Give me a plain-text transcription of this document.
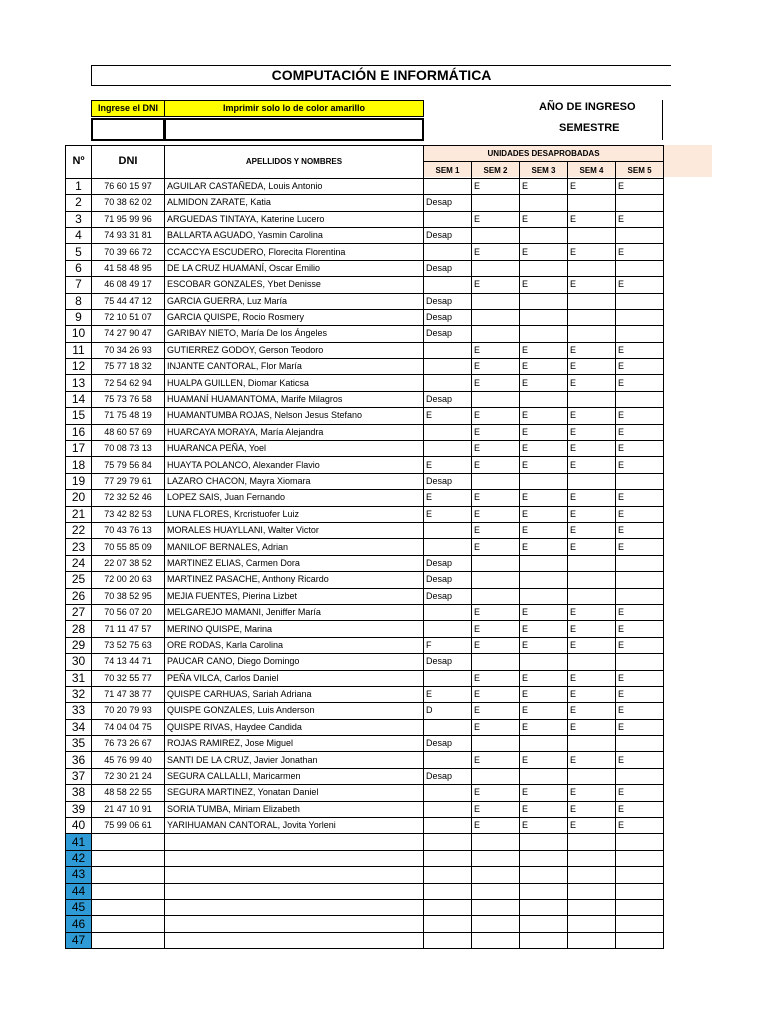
COMPUTACIÓN E INFORMÁTICA
Ingrese el DNI	Imprimir solo lo de color amarillo	AÑO DE INGRESO
SEMESTRE
Nº	DNI	APELLIDOS Y NOMBRES	UNIDADES DESAPROBADAS				
			SEM 1	SEM 2	SEM 3	SEM 4	SEM 5
1	76 60 15 97	AGUILAR CASTAÑEDA, Louis Antonio		E	E	E	E
2	70 38 62 02	ALMIDON ZARATE, Katia	Desap				
3	71 95 99 96	ARGUEDAS TINTAYA, Katerine Lucero		E	E	E	E
4	74 93 31 81	BALLARTA AGUADO, Yasmin Carolina	Desap				
5	70 39 66 72	CCACCYA ESCUDERO, Florecita Florentina		E	E	E	E
6	41 58 48 95	DE LA CRUZ HUAMANÍ, Oscar Emilio	Desap				
7	46 08 49 17	ESCOBAR GONZALES, Ybet Denisse		E	E	E	E
8	75 44 47 12	GARCIA GUERRA, Luz María	Desap				
9	72 10 51 07	GARCIA QUISPE, Rocio Rosmery	Desap				
10	74 27 90 47	GARIBAY NIETO, María De los Ángeles	Desap				
11	70 34 26 93	GUTIERREZ GODOY, Gerson Teodoro		E	E	E	E
12	75 77 18 32	INJANTE CANTORAL, Flor María		E	E	E	E
13	72 54 62 94	HUALPA GUILLEN, Diomar Katicsa		E	E	E	E
14	75 73 76 58	HUAMANÍ HUAMANTOMA, Marife Milagros	Desap				
15	71 75 48 19	HUAMANTUMBA ROJAS, Nelson Jesus Stefano	E	E	E	E	E
16	48 60 57 69	HUARCAYA MORAYA, María Alejandra		E	E	E	E
17	70 08 73 13	HUARANCA PEÑA, Yoel		E	E	E	E
18	75 79 56 84	HUAYTA POLANCO, Alexander Flavio	E	E	E	E	E
19	77 29 79 61	LAZARO CHACON, Mayra Xiomara	Desap				
20	72 32 52 46	LOPEZ SAIS, Juan Fernando	E	E	E	E	E
21	73 42 82 53	LUNA FLORES, Krcristuofer Luiz	E	E	E	E	E
22	70 43 76 13	MORALES HUAYLLANI, Walter Victor		E	E	E	E
23	70 55 85 09	MANILOF BERNALES, Adrian		E	E	E	E
24	22 07 38 52	MARTINEZ ELIAS, Carmen Dora	Desap				
25	72 00 20 63	MARTINEZ PASACHE, Anthony Ricardo	Desap				
26	70 38 52 95	MEJIA FUENTES, Pierina Lizbet	Desap				
27	70 56 07 20	MELGAREJO MAMANI, Jeniffer María		E	E	E	E
28	71 11 47 57	MERINO QUISPE, Marina		E	E	E	E
29	73 52 75 63	ORE RODAS, Karla Carolina	F	E	E	E	E
30	74 13 44 71	PAUCAR CANO, Diego Domingo	Desap				
31	70 32 55 77	PEÑA VILCA, Carlos Daniel		E	E	E	E
32	71 47 38 77	QUISPE CARHUAS, Sariah Adriana	E	E	E	E	E
33	70 20 79 93	QUISPE GONZALES, Luis Anderson	D	E	E	E	E
34	74 04 04 75	QUISPE RIVAS, Haydee Candida		E	E	E	E
35	76 73 26 67	ROJAS RAMIREZ, Jose Miguel	Desap				
36	45 76 99 40	SANTI DE LA CRUZ, Javier Jonathan		E	E	E	E
37	72 30 21 24	SEGURA CALLALLI, Maricarmen	Desap				
38	48 58 22 55	SEGURA MARTINEZ, Yonatan Daniel		E	E	E	E
39	21 47 10 91	SORIA TUMBA, Miriam Elizabeth		E	E	E	E
40	75 99 06 61	YARIHUAMAN CANTORAL, Jovita Yorleni		E	E	E	E
41							
42							
43							
44							
45							
46							
47							
